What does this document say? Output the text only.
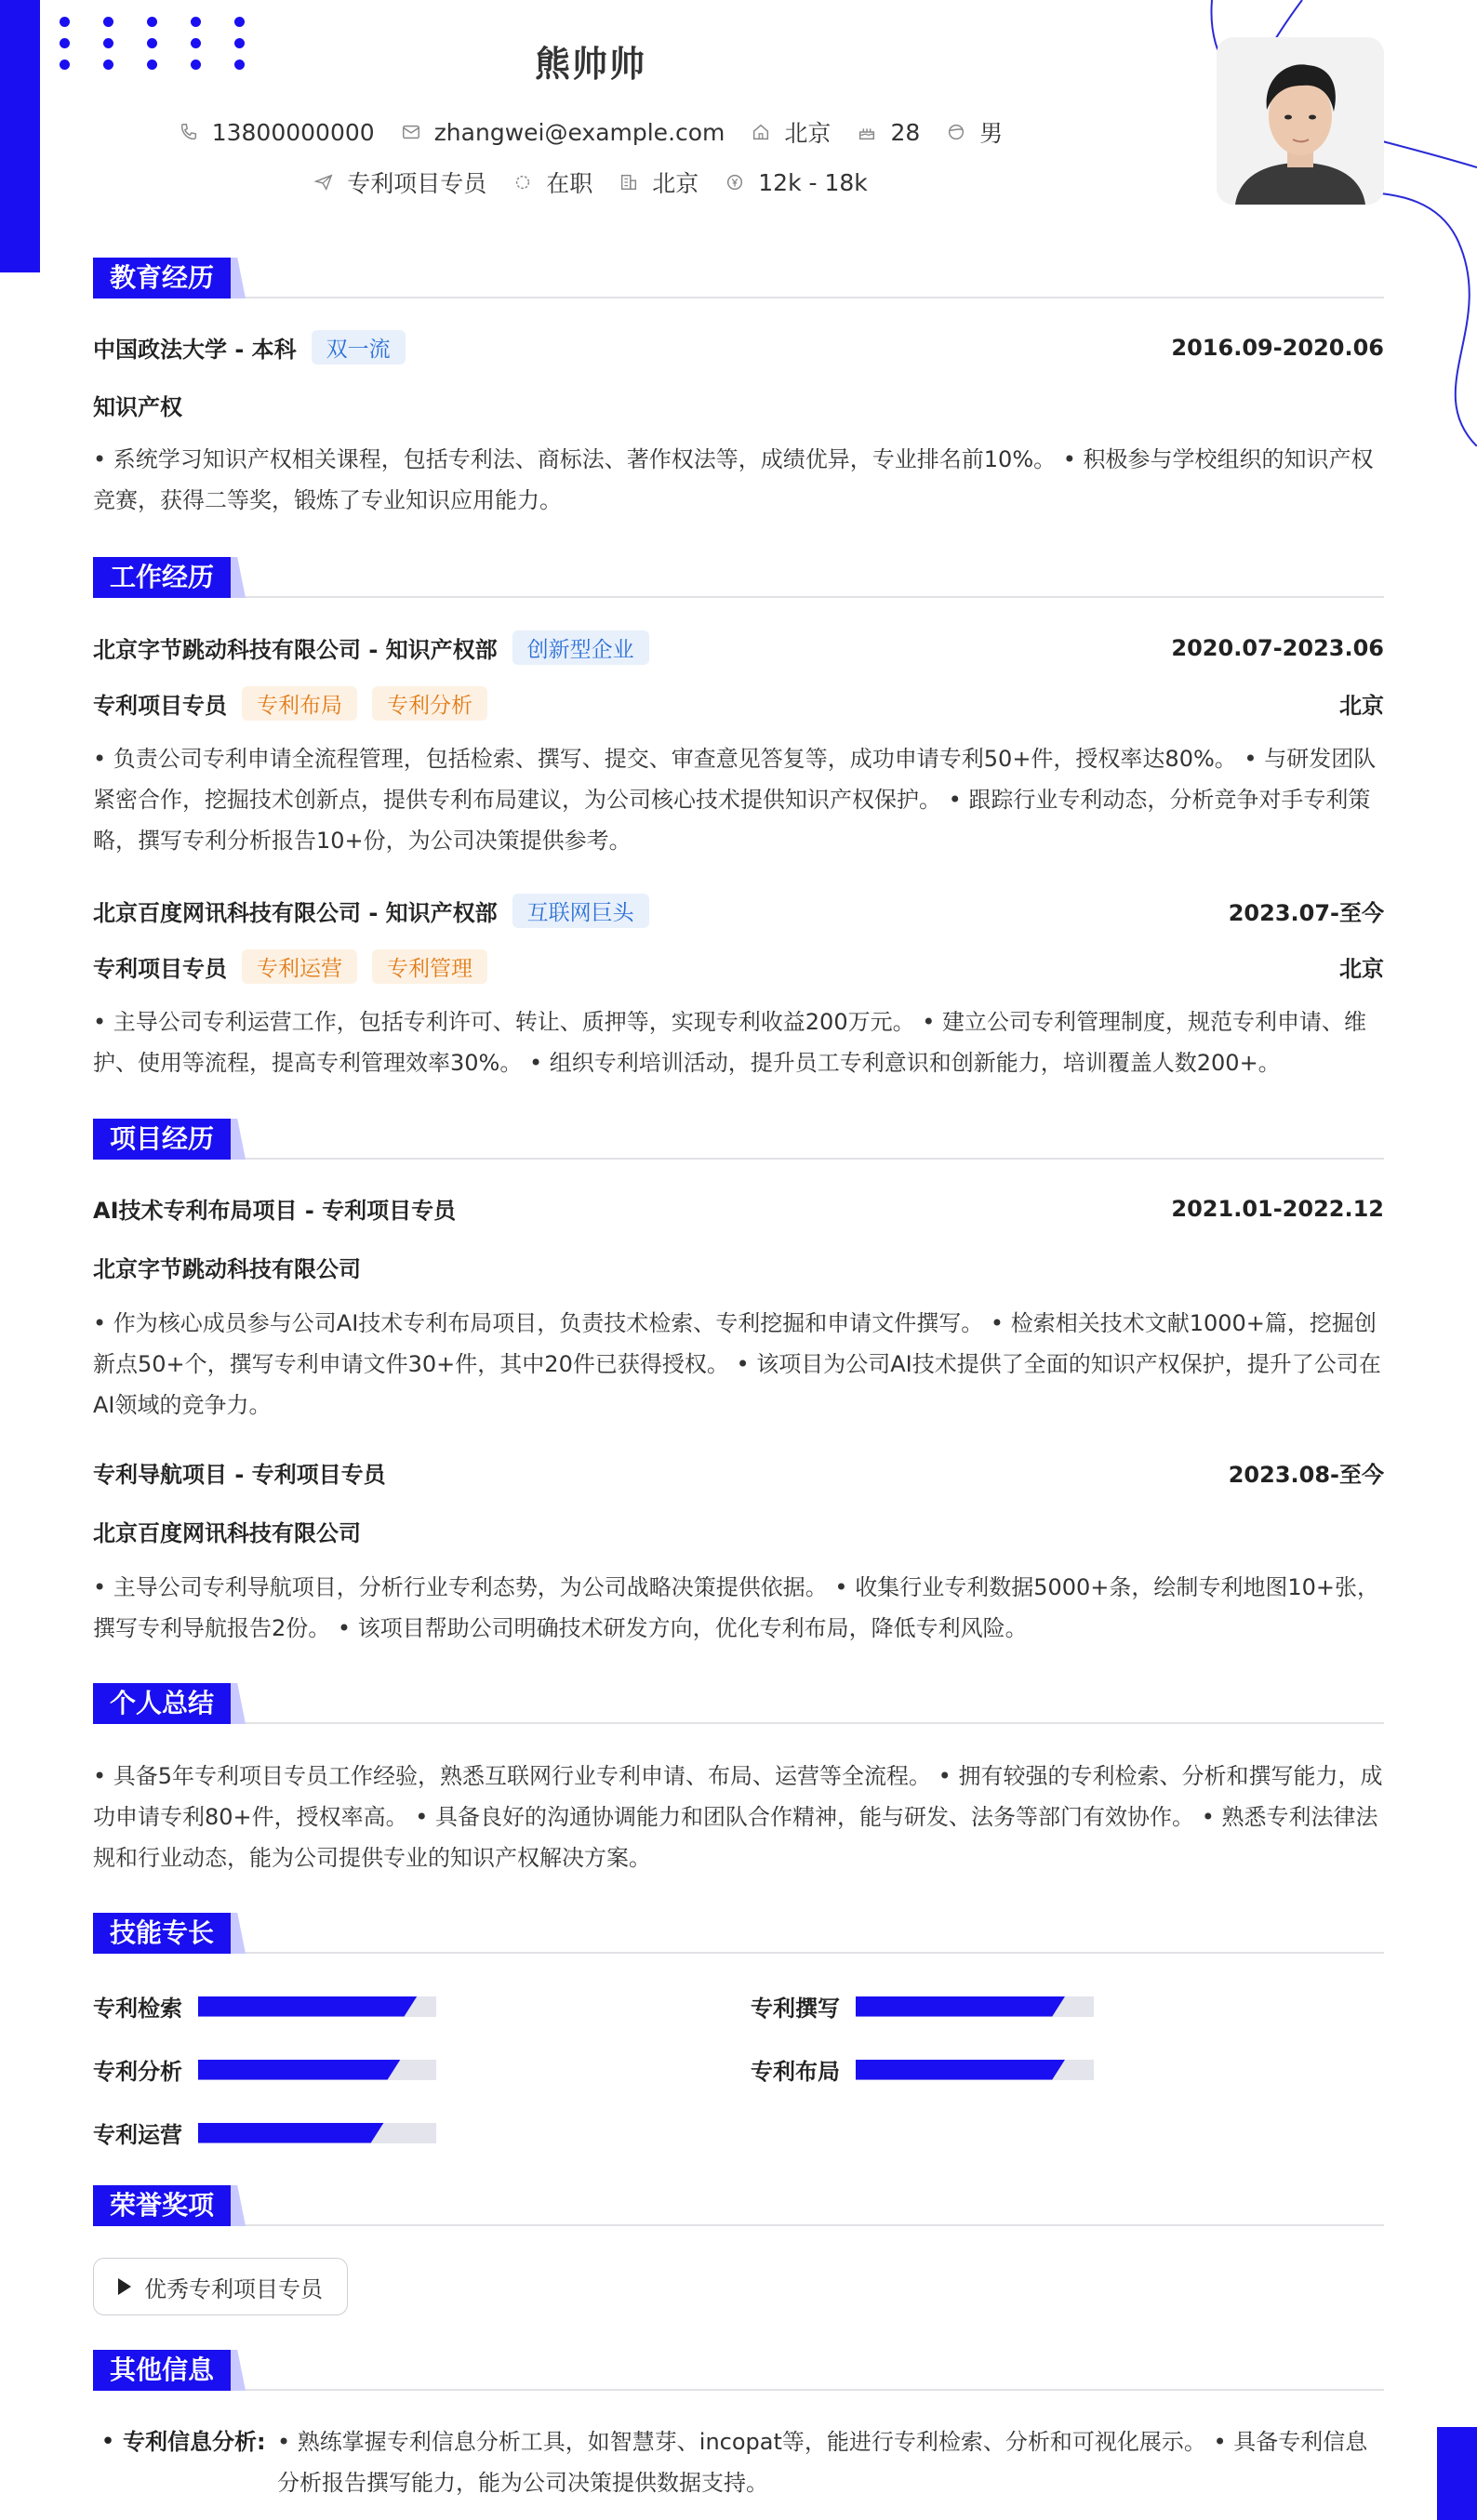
熊帅帅
13800000000	zhangwei@example.com	北京	28	男
专利项目专员	在职	北京	12k - 18k
教育经历
中国政法大学 - 本科	双一流	2016.09-2020.06
知识产权
• 系统学习知识产权相关课程，包括专利法、商标法、著作权法等，成绩优异，专业排名前10%。 • 积极参与学校组织的知识产权竞赛，获得二等奖，锻炼了专业知识应用能力。
工作经历
北京字节跳动科技有限公司 - 知识产权部	创新型企业	2020.07-2023.06
专利项目专员	专利布局	专利分析	北京
• 负责公司专利申请全流程管理，包括检索、撰写、提交、审查意见答复等，成功申请专利50+件，授权率达80%。 • 与研发团队紧密合作，挖掘技术创新点，提供专利布局建议，为公司核心技术提供知识产权保护。 • 跟踪行业专利动态，分析竞争对手专利策略，撰写专利分析报告10+份，为公司决策提供参考。
北京百度网讯科技有限公司 - 知识产权部	互联网巨头	2023.07-至今
专利项目专员	专利运营	专利管理	北京
• 主导公司专利运营工作，包括专利许可、转让、质押等，实现专利收益200万元。 • 建立公司专利管理制度，规范专利申请、维护、使用等流程，提高专利管理效率30%。 • 组织专利培训活动，提升员工专利意识和创新能力，培训覆盖人数200+。
项目经历
AI技术专利布局项目 - 专利项目专员	2021.01-2022.12
北京字节跳动科技有限公司
• 作为核心成员参与公司AI技术专利布局项目，负责技术检索、专利挖掘和申请文件撰写。 • 检索相关技术文献1000+篇，挖掘创新点50+个，撰写专利申请文件30+件，其中20件已获得授权。 • 该项目为公司AI技术提供了全面的知识产权保护，提升了公司在AI领域的竞争力。
专利导航项目 - 专利项目专员	2023.08-至今
北京百度网讯科技有限公司
• 主导公司专利导航项目，分析行业专利态势，为公司战略决策提供依据。 • 收集行业专利数据5000+条，绘制专利地图10+张，撰写专利导航报告2份。 • 该项目帮助公司明确技术研发方向，优化专利布局，降低专利风险。
个人总结
• 具备5年专利项目专员工作经验，熟悉互联网行业专利申请、布局、运营等全流程。 • 拥有较强的专利检索、分析和撰写能力，成功申请专利80+件，授权率高。 • 具备良好的沟通协调能力和团队合作精神，能与研发、法务等部门有效协作。 • 熟悉专利法律法规和行业动态，能为公司提供专业的知识产权解决方案。
技能专长
专利检索	专利撰写
专利分析	专利布局
专利运营
荣誉奖项
优秀专利项目专员
其他信息
• 专利信息分析: • 熟练掌握专利信息分析工具，如智慧芽、incopat等，能进行专利检索、分析和可视化展示。 • 具备专利信息分析报告撰写能力，能为公司决策提供数据支持。
